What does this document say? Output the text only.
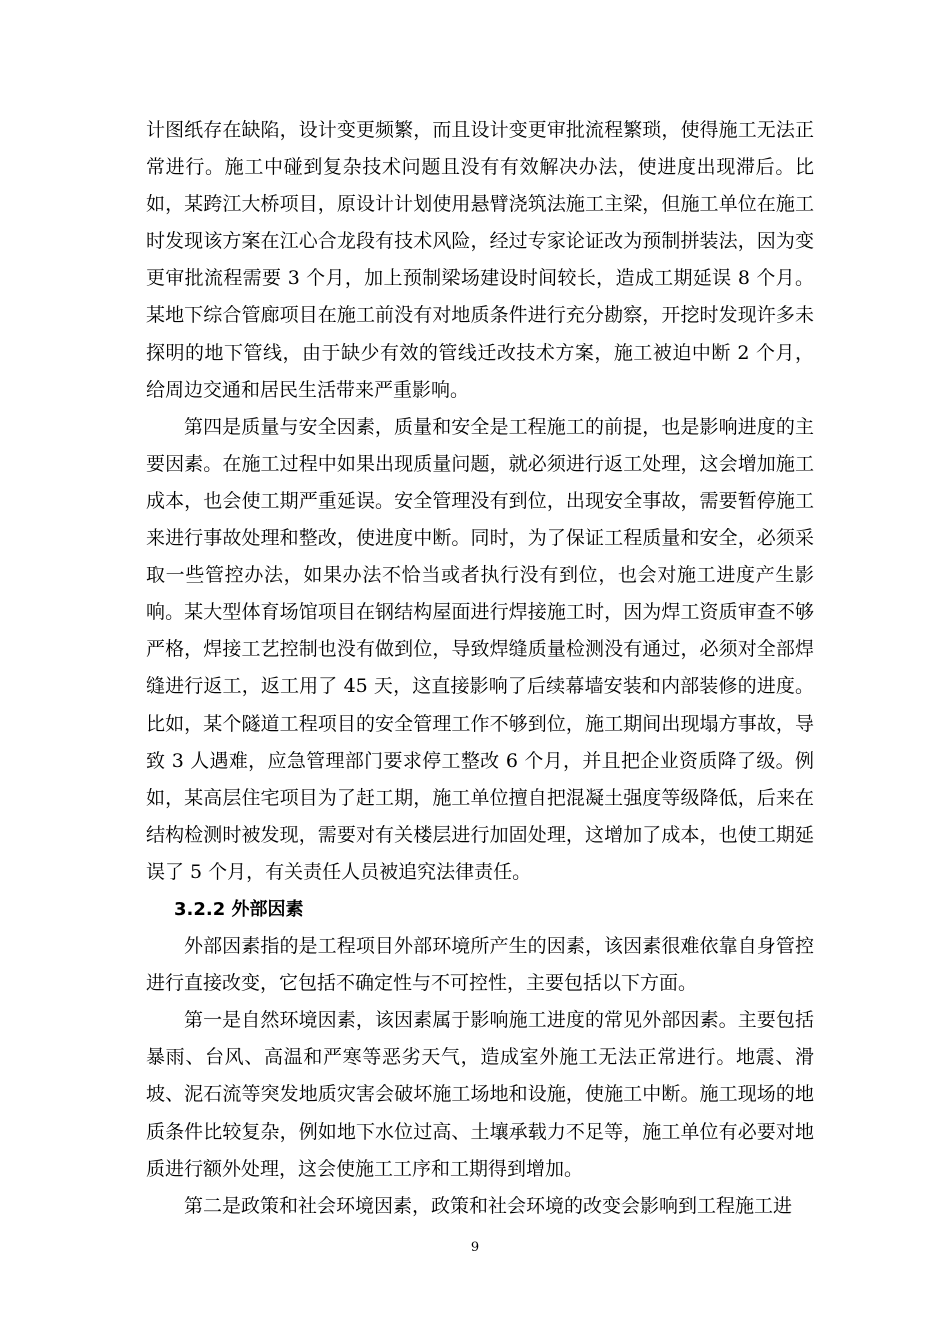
计图纸存在缺陷，设计变更频繁，而且设计变更审批流程繁琐，使得施工无法正常进行。施工中碰到复杂技术问题且没有有效解决办法，使进度出现滞后。比如，某跨江大桥项目，原设计计划使用悬臂浇筑法施工主梁，但施工单位在施工时发现该方案在江心合龙段有技术风险，经过专家论证改为预制拼装法，因为变更审批流程需要 3 个月，加上预制梁场建设时间较长，造成工期延误 8 个月。某地下综合管廊项目在施工前没有对地质条件进行充分勘察，开挖时发现许多未探明的地下管线，由于缺少有效的管线迁改技术方案，施工被迫中断 2 个月，给周边交通和居民生活带来严重影响。

第四是质量与安全因素，质量和安全是工程施工的前提，也是影响进度的主要因素。在施工过程中如果出现质量问题，就必须进行返工处理，这会增加施工成本，也会使工期严重延误。安全管理没有到位，出现安全事故，需要暂停施工来进行事故处理和整改，使进度中断。同时，为了保证工程质量和安全，必须采取一些管控办法，如果办法不恰当或者执行没有到位，也会对施工进度产生影响。某大型体育场馆项目在钢结构屋面进行焊接施工时，因为焊工资质审查不够严格，焊接工艺控制也没有做到位，导致焊缝质量检测没有通过，必须对全部焊缝进行返工，返工用了 45 天，这直接影响了后续幕墙安装和内部装修的进度。比如，某个隧道工程项目的安全管理工作不够到位，施工期间出现塌方事故，导致 3 人遇难，应急管理部门要求停工整改 6 个月，并且把企业资质降了级。例如，某高层住宅项目为了赶工期，施工单位擅自把混凝土强度等级降低，后来在结构检测时被发现，需要对有关楼层进行加固处理，这增加了成本，也使工期延误了 5 个月，有关责任人员被追究法律责任。

3.2.2 外部因素

外部因素指的是工程项目外部环境所产生的因素，该因素很难依靠自身管控进行直接改变，它包括不确定性与不可控性，主要包括以下方面。

第一是自然环境因素，该因素属于影响施工进度的常见外部因素。主要包括暴雨、台风、高温和严寒等恶劣天气，造成室外施工无法正常进行。地震、滑坡、泥石流等突发地质灾害会破坏施工场地和设施，使施工中断。施工现场的地质条件比较复杂，例如地下水位过高、土壤承载力不足等，施工单位有必要对地质进行额外处理，这会使施工工序和工期得到增加。

第二是政策和社会环境因素，政策和社会环境的改变会影响到工程施工进

9
